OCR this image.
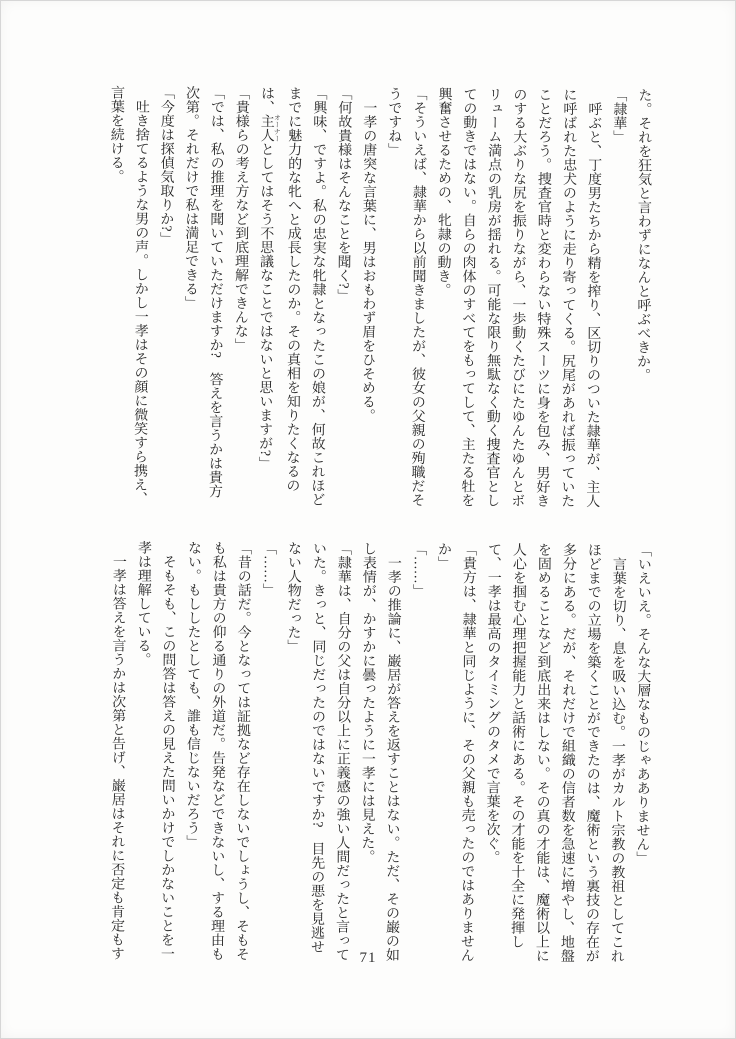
た。それを狂気と言わずになんと呼ぶべきか。

「隷華」

呼ぶと、丁度男たちから精を搾り、区切りのついた隷華が、主人

に呼ばれた忠犬のように走り寄ってくる。尻尾があれば振っていた

ことだろう。捜査官時と変わらない特殊スーツに身を包み、男好き

のする大ぶりな尻を振りながら、一歩動くたびにたゆんたゆんとボ

リューム満点の乳房が揺れる。可能な限り無駄なく動く捜査官とし

ての動きではない。自らの肉体のすべてをもってして、主たる牡を

興奮させるための、牝隷の動き。

「そういえば、隷華から以前聞きましたが、彼女の父親の殉職だそ

うですね」

一孝の唐突な言葉に、男はおもわず眉をひそめる。

「何故貴様はそんなことを聞く?」

「興味、ですよ。私の忠実な牝隷となったこの娘が、何故これほど

までに魅力的な牝へと成長したのか。その真相を知りたくなるの

は、主人 オーナーとしてはそう不思議なことではないと思いますが?」

「貴様らの考え方など到底理解できんな」

「では、私の推理を聞いていただけますか?　答えを言うかは貴方

次第。それだけで私は満足できる」

「今度は探偵気取りか?」

吐き捨てるような男の声。しかし一孝はその顔に微笑すら携え、

言葉を続ける。

「いえいえ。そんな大層なものじゃあありません」

言葉を切り、息を吸い込む。一孝がカルト宗教の教祖としてこれ

ほどまでの立場を築くことができたのは、魔術という裏技の存在が

多分にある。だが、それだけで組織の信者数を急速に増やし、地盤

を固めることなど到底出来はしない。その真の才能は、魔術以上に

人心を掴む心理把握能力と話術にある。その才能を十全に発揮し

て、一孝は最高のタイミングのタメで言葉を次ぐ。

「貴方は、隷華と同じように、その父親も売ったのではありません

か」

「……」

一孝の推論に、巌居が答えを返すことはない。ただ、その巌の如

し表情が、かすかに曇ったように一孝には見えた。

「隷華は、自分の父は自分以上に正義感の強い人間だったと言って

いた。きっと、同じだったのではないですか?　目先の悪を見逃せ

ない人物だった」

「……」

「昔の話だ。今となっては証拠など存在しないでしょうし、そもそ

も私は貴方の仰る通りの外道だ。告発などできないし、する理由も

ない。もししたとしても、誰も信じないだろう」

そもそも、この問答は答えの見えた問いかけでしかないことを一

孝は理解している。

一孝は答えを言うかは次第と告げ、巌居はそれに否定も肯定もす	71
